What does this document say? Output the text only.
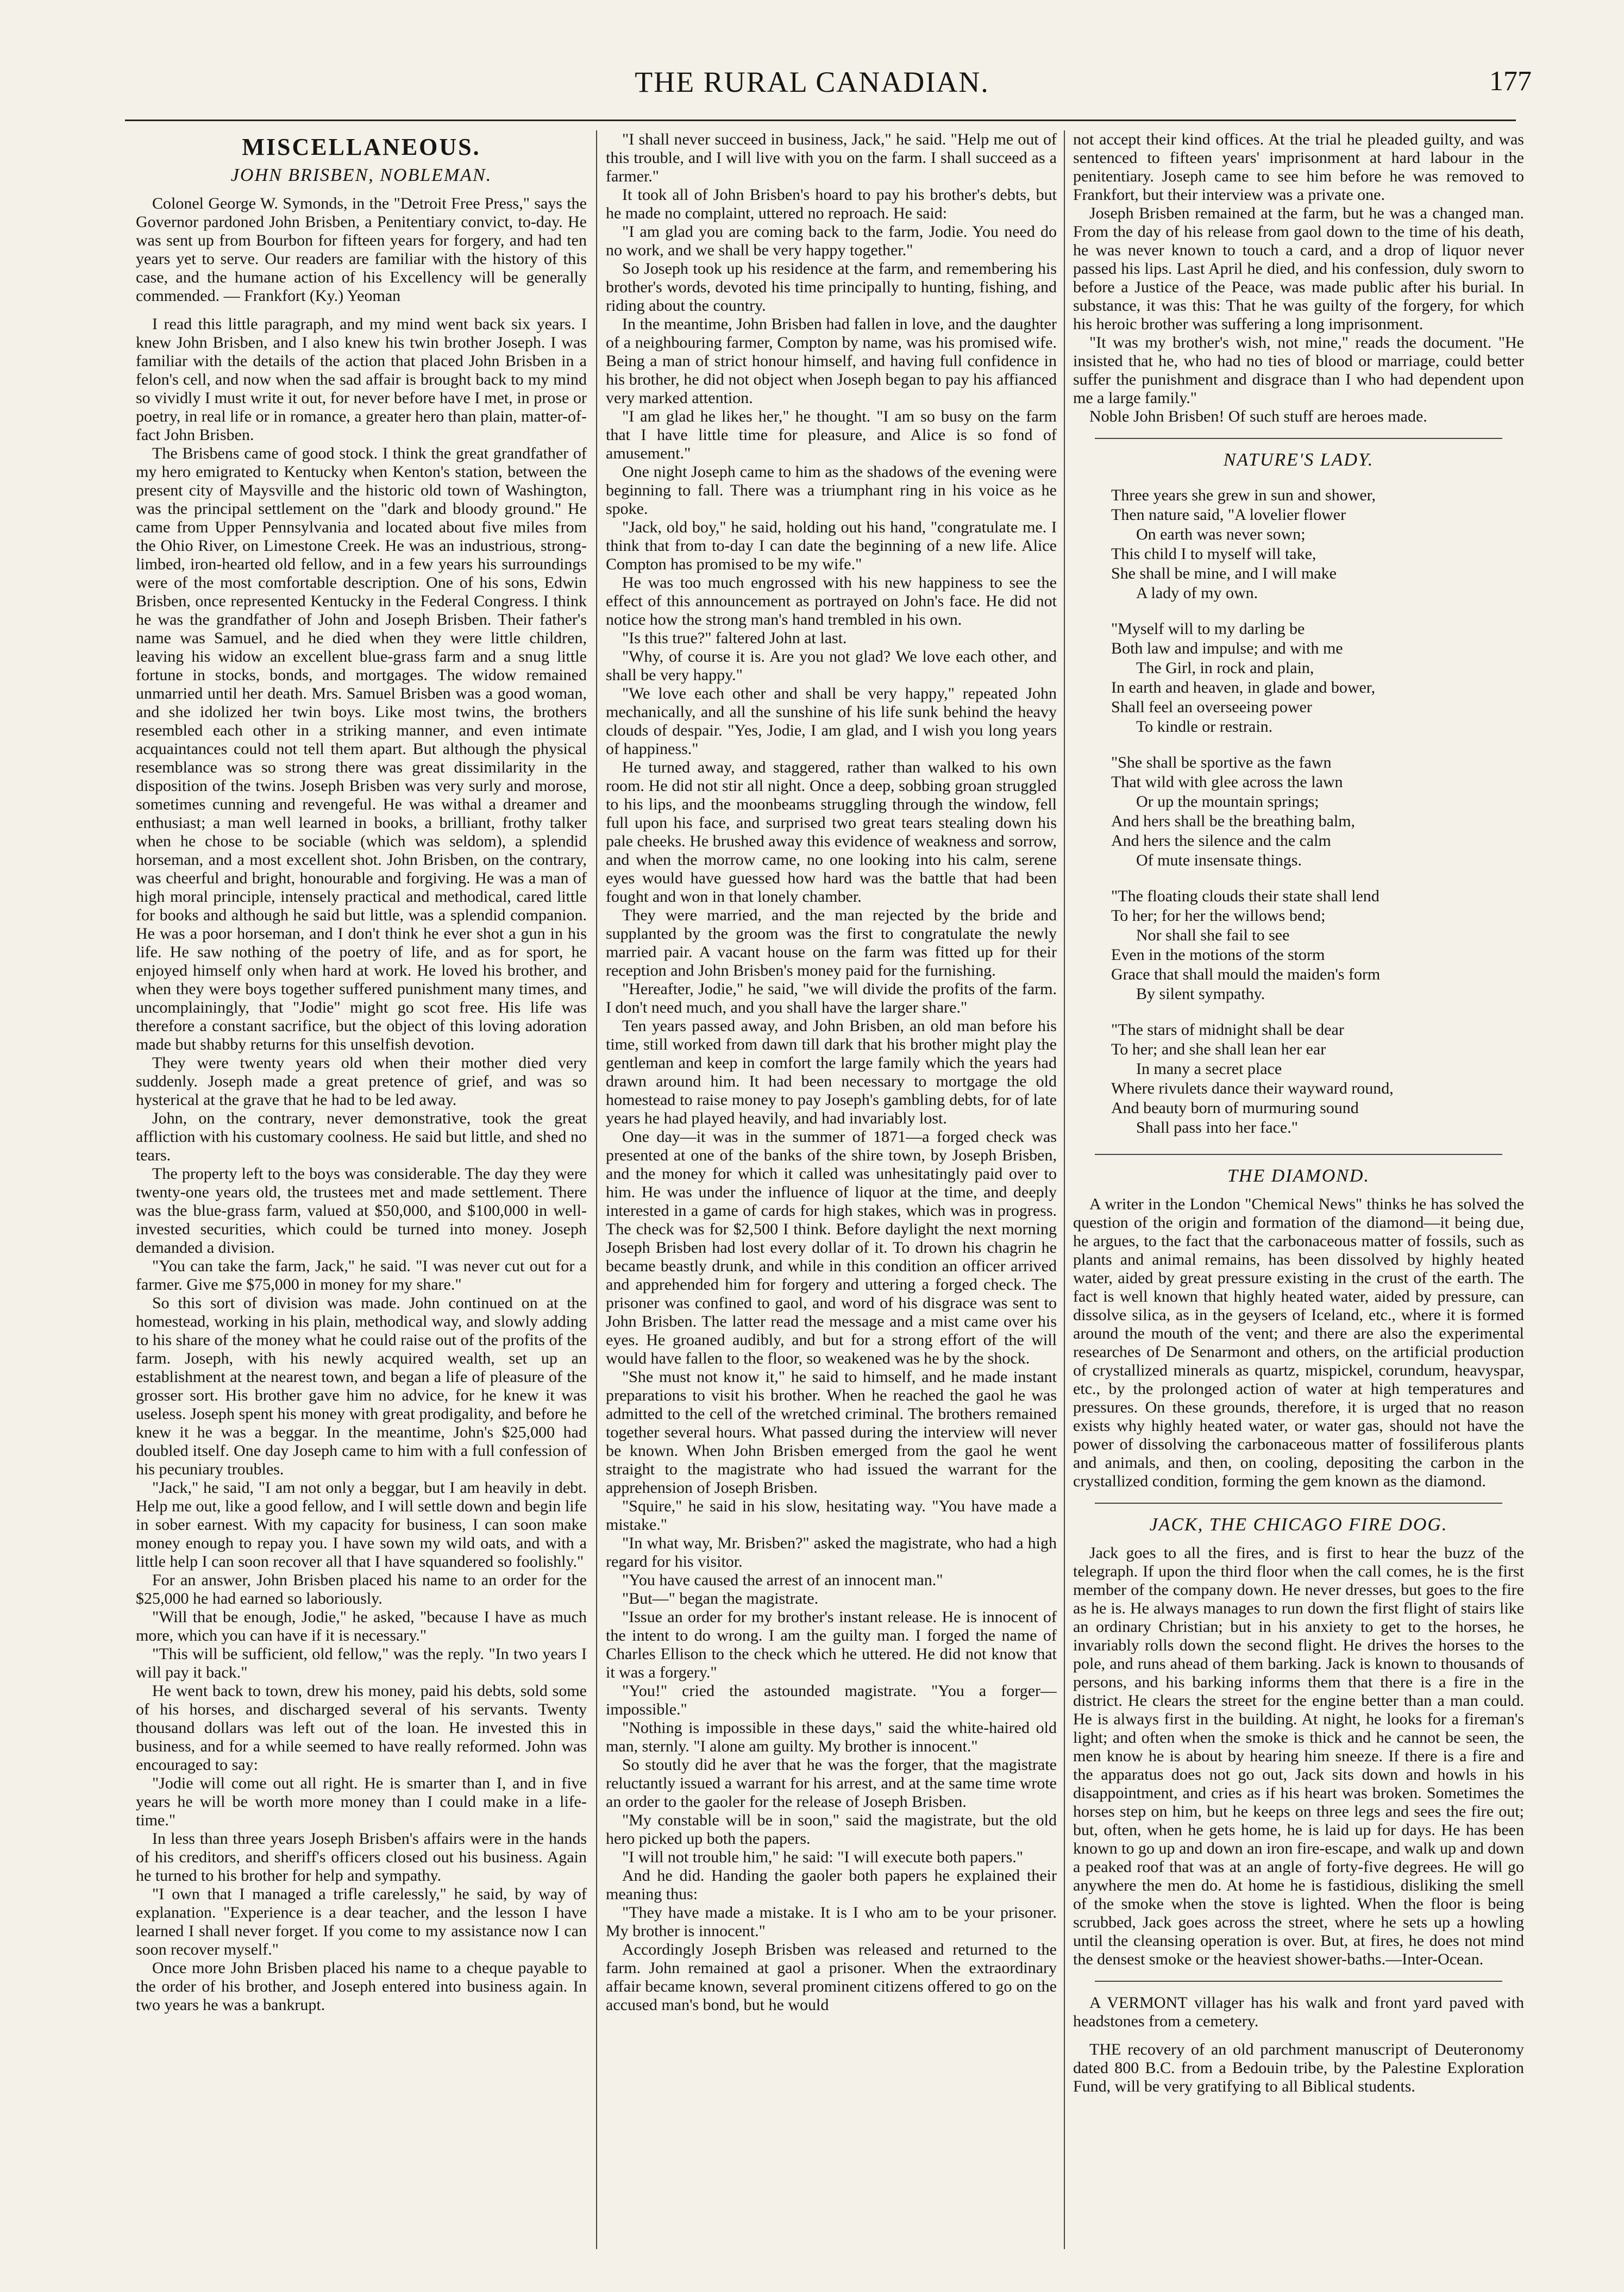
THE RURAL CANADIAN.	177
MISCELLANEOUS.
JOHN BRISBEN, NOBLEMAN.

Colonel George W. Symonds, in the "Detroit Free Press," says the Governor pardoned John Brisben, a Penitentiary convict, to-day. He was sent up from Bourbon for fifteen years for forgery, and had ten years yet to serve. Our readers are familiar with the history of this case, and the humane action of his Excellency will be generally commended. — Frankfort (Ky.) Yeoman

I read this little paragraph, and my mind went back six years. I knew John Brisben, and I also knew his twin brother Joseph. I was familiar with the details of the action that placed John Brisben in a felon's cell, and now when the sad affair is brought back to my mind so vividly I must write it out, for never before have I met, in prose or poetry, in real life or in romance, a greater hero than plain, matter-of-fact John Brisben.

The Brisbens came of good stock. I think the great grandfather of my hero emigrated to Kentucky when Kenton's station, between the present city of Maysville and the historic old town of Washington, was the principal settlement on the "dark and bloody ground." He came from Upper Pennsylvania and located about five miles from the Ohio River, on Limestone Creek. He was an industrious, strong-limbed, iron-hearted old fellow, and in a few years his surroundings were of the most comfortable description. One of his sons, Edwin Brisben, once represented Kentucky in the Federal Congress. I think he was the grandfather of John and Joseph Brisben. Their father's name was Samuel, and he died when they were little children, leaving his widow an excellent blue-grass farm and a snug little fortune in stocks, bonds, and mortgages. The widow remained unmarried until her death. Mrs. Samuel Brisben was a good woman, and she idolized her twin boys. Like most twins, the brothers resembled each other in a striking manner, and even intimate acquaintances could not tell them apart. But although the physical resemblance was so strong there was great dissimilarity in the disposition of the twins. Joseph Brisben was very surly and morose, sometimes cunning and revengeful. He was withal a dreamer and enthusiast; a man well learned in books, a brilliant, frothy talker when he chose to be sociable (which was seldom), a splendid horseman, and a most excellent shot. John Brisben, on the contrary, was cheerful and bright, honourable and forgiving. He was a man of high moral principle, intensely practical and methodical, cared little for books and although he said but little, was a splendid companion. He was a poor horseman, and I don't think he ever shot a gun in his life. He saw nothing of the poetry of life, and as for sport, he enjoyed himself only when hard at work. He loved his brother, and when they were boys together suffered punishment many times, and uncomplainingly, that "Jodie" might go scot free. His life was therefore a constant sacrifice, but the object of this loving adoration made but shabby returns for this unselfish devotion.

They were twenty years old when their mother died very suddenly. Joseph made a great pretence of grief, and was so hysterical at the grave that he had to be led away.

John, on the contrary, never demonstrative, took the great affliction with his customary coolness. He said but little, and shed no tears.

The property left to the boys was considerable. The day they were twenty-one years old, the trustees met and made settlement. There was the blue-grass farm, valued at $50,000, and $100,000 in well-invested securities, which could be turned into money. Joseph demanded a division.

"You can take the farm, Jack," he said. "I was never cut out for a farmer. Give me $75,000 in money for my share."

So this sort of division was made. John continued on at the homestead, working in his plain, methodical way, and slowly adding to his share of the money what he could raise out of the profits of the farm. Joseph, with his newly acquired wealth, set up an establishment at the nearest town, and began a life of pleasure of the grosser sort. His brother gave him no advice, for he knew it was useless. Joseph spent his money with great prodigality, and before he knew it he was a beggar. In the meantime, John's $25,000 had doubled itself. One day Joseph came to him with a full confession of his pecuniary troubles.

"Jack," he said, "I am not only a beggar, but I am heavily in debt. Help me out, like a good fellow, and I will settle down and begin life in sober earnest. With my capacity for business, I can soon make money enough to repay you. I have sown my wild oats, and with a little help I can soon recover all that I have squandered so foolishly."

For an answer, John Brisben placed his name to an order for the $25,000 he had earned so laboriously.

"Will that be enough, Jodie," he asked, "because I have as much more, which you can have if it is necessary."

"This will be sufficient, old fellow," was the reply. "In two years I will pay it back."

He went back to town, drew his money, paid his debts, sold some of his horses, and discharged several of his servants. Twenty thousand dollars was left out of the loan. He invested this in business, and for a while seemed to have really reformed. John was encouraged to say:

"Jodie will come out all right. He is smarter than I, and in five years he will be worth more money than I could make in a life-time."

In less than three years Joseph Brisben's affairs were in the hands of his creditors, and sheriff's officers closed out his business. Again he turned to his brother for help and sympathy.

"I own that I managed a trifle carelessly," he said, by way of explanation. "Experience is a dear teacher, and the lesson I have learned I shall never forget. If you come to my assistance now I can soon recover myself."

Once more John Brisben placed his name to a cheque payable to the order of his brother, and Joseph entered into business again. In two years he was a bankrupt.

"I shall never succeed in business, Jack," he said. "Help me out of this trouble, and I will live with you on the farm. I shall succeed as a farmer."

It took all of John Brisben's hoard to pay his brother's debts, but he made no complaint, uttered no reproach. He said:

"I am glad you are coming back to the farm, Jodie. You need do no work, and we shall be very happy together."

So Joseph took up his residence at the farm, and remembering his brother's words, devoted his time principally to hunting, fishing, and riding about the country.

In the meantime, John Brisben had fallen in love, and the daughter of a neighbouring farmer, Compton by name, was his promised wife. Being a man of strict honour himself, and having full confidence in his brother, he did not object when Joseph began to pay his affianced very marked attention.

"I am glad he likes her," he thought. "I am so busy on the farm that I have little time for pleasure, and Alice is so fond of amusement."

One night Joseph came to him as the shadows of the evening were beginning to fall. There was a triumphant ring in his voice as he spoke.

"Jack, old boy," he said, holding out his hand, "congratulate me. I think that from to-day I can date the beginning of a new life. Alice Compton has promised to be my wife."

He was too much engrossed with his new happiness to see the effect of this announcement as portrayed on John's face. He did not notice how the strong man's hand trembled in his own.

"Is this true?" faltered John at last.

"Why, of course it is. Are you not glad? We love each other, and shall be very happy."

"We love each other and shall be very happy," repeated John mechanically, and all the sunshine of his life sunk behind the heavy clouds of despair. "Yes, Jodie, I am glad, and I wish you long years of happiness."

He turned away, and staggered, rather than walked to his own room. He did not stir all night. Once a deep, sobbing groan struggled to his lips, and the moonbeams struggling through the window, fell full upon his face, and surprised two great tears stealing down his pale cheeks. He brushed away this evidence of weakness and sorrow, and when the morrow came, no one looking into his calm, serene eyes would have guessed how hard was the battle that had been fought and won in that lonely chamber.

They were married, and the man rejected by the bride and supplanted by the groom was the first to congratulate the newly married pair. A vacant house on the farm was fitted up for their reception and John Brisben's money paid for the furnishing.

"Hereafter, Jodie," he said, "we will divide the profits of the farm. I don't need much, and you shall have the larger share."

Ten years passed away, and John Brisben, an old man before his time, still worked from dawn till dark that his brother might play the gentleman and keep in comfort the large family which the years had drawn around him. It had been necessary to mortgage the old homestead to raise money to pay Joseph's gambling debts, for of late years he had played heavily, and had invariably lost.

One day—it was in the summer of 1871—a forged check was presented at one of the banks of the shire town, by Joseph Brisben, and the money for which it called was unhesitatingly paid over to him. He was under the influence of liquor at the time, and deeply interested in a game of cards for high stakes, which was in progress. The check was for $2,500 I think. Before daylight the next morning Joseph Brisben had lost every dollar of it. To drown his chagrin he became beastly drunk, and while in this condition an officer arrived and apprehended him for forgery and uttering a forged check. The prisoner was confined to gaol, and word of his disgrace was sent to John Brisben. The latter read the message and a mist came over his eyes. He groaned audibly, and but for a strong effort of the will would have fallen to the floor, so weakened was he by the shock.

"She must not know it," he said to himself, and he made instant preparations to visit his brother. When he reached the gaol he was admitted to the cell of the wretched criminal. The brothers remained together several hours. What passed during the interview will never be known. When John Brisben emerged from the gaol he went straight to the magistrate who had issued the warrant for the apprehension of Joseph Brisben.

"Squire," he said in his slow, hesitating way. "You have made a mistake."

"In what way, Mr. Brisben?" asked the magistrate, who had a high regard for his visitor.

"You have caused the arrest of an innocent man."

"But—" began the magistrate.

"Issue an order for my brother's instant release. He is innocent of the intent to do wrong. I am the guilty man. I forged the name of Charles Ellison to the check which he uttered. He did not know that it was a forgery."

"You!" cried the astounded magistrate. "You a forger—impossible."

"Nothing is impossible in these days," said the white-haired old man, sternly. "I alone am guilty. My brother is innocent."

So stoutly did he aver that he was the forger, that the magistrate reluctantly issued a warrant for his arrest, and at the same time wrote an order to the gaoler for the release of Joseph Brisben.

"My constable will be in soon," said the magistrate, but the old hero picked up both the papers.

"I will not trouble him," he said: "I will execute both papers."

And he did. Handing the gaoler both papers he explained their meaning thus:

"They have made a mistake. It is I who am to be your prisoner. My brother is innocent."

Accordingly Joseph Brisben was released and returned to the farm. John remained at gaol a prisoner. When the extraordinary affair became known, several prominent citizens offered to go on the accused man's bond, but he would

not accept their kind offices. At the trial he pleaded guilty, and was sentenced to fifteen years' imprisonment at hard labour in the penitentiary. Joseph came to see him before he was removed to Frankfort, but their interview was a private one.

Joseph Brisben remained at the farm, but he was a changed man. From the day of his release from gaol down to the time of his death, he was never known to touch a card, and a drop of liquor never passed his lips. Last April he died, and his confession, duly sworn to before a Justice of the Peace, was made public after his burial. In substance, it was this: That he was guilty of the forgery, for which his heroic brother was suffering a long imprisonment.

"It was my brother's wish, not mine," reads the document. "He insisted that he, who had no ties of blood or marriage, could better suffer the punishment and disgrace than I who had dependent upon me a large family."

Noble John Brisben! Of such stuff are heroes made.

NATURE'S LADY.
Three years she grew in sun and shower,
Then nature said, "A lovelier flower
On earth was never sown;
This child I to myself will take,
She shall be mine, and I will make
A lady of my own.
"Myself will to my darling be
Both law and impulse; and with me
The Girl, in rock and plain,
In earth and heaven, in glade and bower,
Shall feel an overseeing power
To kindle or restrain.
"She shall be sportive as the fawn
That wild with glee across the lawn
Or up the mountain springs;
And hers shall be the breathing balm,
And hers the silence and the calm
Of mute insensate things.
"The floating clouds their state shall lend
To her; for her the willows bend;
Nor shall she fail to see
Even in the motions of the storm
Grace that shall mould the maiden's form
By silent sympathy.
"The stars of midnight shall be dear
To her; and she shall lean her ear
In many a secret place
Where rivulets dance their wayward round,
And beauty born of murmuring sound
Shall pass into her face."
THE DIAMOND.

A writer in the London "Chemical News" thinks he has solved the question of the origin and formation of the diamond—it being due, he argues, to the fact that the carbonaceous matter of fossils, such as plants and animal remains, has been dissolved by highly heated water, aided by great pressure existing in the crust of the earth. The fact is well known that highly heated water, aided by pressure, can dissolve silica, as in the geysers of Iceland, etc., where it is formed around the mouth of the vent; and there are also the experimental researches of De Senarmont and others, on the artificial production of crystallized minerals as quartz, mispickel, corundum, heavyspar, etc., by the prolonged action of water at high temperatures and pressures. On these grounds, therefore, it is urged that no reason exists why highly heated water, or water gas, should not have the power of dissolving the carbonaceous matter of fossiliferous plants and animals, and then, on cooling, depositing the carbon in the crystallized condition, forming the gem known as the diamond.

JACK, THE CHICAGO FIRE DOG.

Jack goes to all the fires, and is first to hear the buzz of the telegraph. If upon the third floor when the call comes, he is the first member of the company down. He never dresses, but goes to the fire as he is. He always manages to run down the first flight of stairs like an ordinary Christian; but in his anxiety to get to the horses, he invariably rolls down the second flight. He drives the horses to the pole, and runs ahead of them barking. Jack is known to thousands of persons, and his barking informs them that there is a fire in the district. He clears the street for the engine better than a man could. He is always first in the building. At night, he looks for a fireman's light; and often when the smoke is thick and he cannot be seen, the men know he is about by hearing him sneeze. If there is a fire and the apparatus does not go out, Jack sits down and howls in his disappointment, and cries as if his heart was broken. Sometimes the horses step on him, but he keeps on three legs and sees the fire out; but, often, when he gets home, he is laid up for days. He has been known to go up and down an iron fire-escape, and walk up and down a peaked roof that was at an angle of forty-five degrees. He will go anywhere the men do. At home he is fastidious, disliking the smell of the smoke when the stove is lighted. When the floor is being scrubbed, Jack goes across the street, where he sets up a howling until the cleansing operation is over. But, at fires, he does not mind the densest smoke or the heaviest shower-baths.—Inter-Ocean.

A VERMONT villager has his walk and front yard paved with headstones from a cemetery.

THE recovery of an old parchment manuscript of Deuteronomy dated 800 B.C. from a Bedouin tribe, by the Palestine Exploration Fund, will be very gratifying to all Biblical students.
